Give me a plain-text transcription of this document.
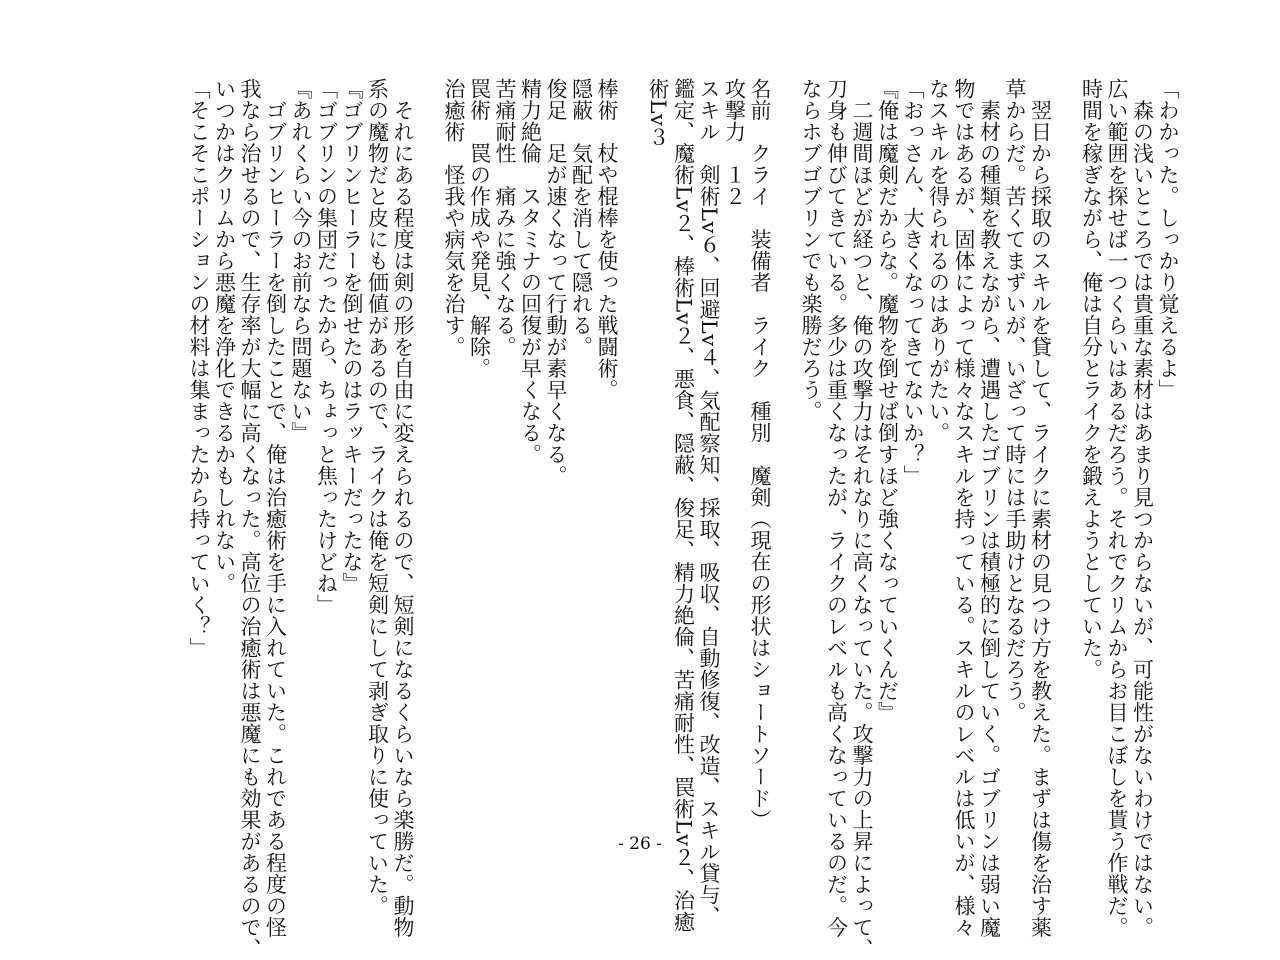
「わかった。しっかり覚えるよ」
　森の浅いところでは貴重な素材はあまり見つからないが、可能性がないわけではない。
広い範囲を探せば一つくらいはあるだろう。それでクリムからお目こぼしを貰う作戦だ。
時間を稼ぎながら、俺は自分とライクを鍛えようとしていた。
　翌日から採取のスキルを貸して、ライクに素材の見つけ方を教えた。まずは傷を治す薬
草からだ。苦くてまずいが、いざって時には手助けとなるだろう。
　素材の種類を教えながら、遭遇したゴブリンは積極的に倒していく。ゴブリンは弱い魔
物ではあるが、固体によって様々なスキルを持っている。スキルのレベルは低いが、様々
なスキルを得られるのはありがたい。
「おっさん、大きくなってきてないか？」
『俺は魔剣だからな。魔物を倒せば倒すほど強くなっていくんだ』
　二週間ほどが経つと、俺の攻撃力はそれなりに高くなっていた。攻撃力の上昇によって、
刀身も伸びてきている。多少は重くなったが、ライクのレベルも高くなっているのだ。今
ならホブゴブリンでも楽勝だろう。
名前　クライ　装備者　ライク　種別　魔剣（現在の形状はショートソード）
攻撃力　１２
スキル　剣術Lv６、回避Lv４、気配察知、採取、吸収、自動修復、改造、スキル貸与、
鑑定、魔術Lv２、棒術Lv２、悪食、隠蔽、俊足、精力絶倫、苦痛耐性、罠術Lv２、治癒
術Lv３
棒術　杖や棍棒を使った戦闘術。
隠蔽　気配を消して隠れる。
俊足　足が速くなって行動が素早くなる。
精力絶倫　スタミナの回復が早くなる。
苦痛耐性　痛みに強くなる。
罠術　罠の作成や発見、解除。
治癒術　怪我や病気を治す。
　それにある程度は剣の形を自由に変えられるので、短剣になるくらいなら楽勝だ。動物
系の魔物だと皮にも価値があるので、ライクは俺を短剣にして剥ぎ取りに使っていた。
『ゴブリンヒーラーを倒せたのはラッキーだったな』
「ゴブリンの集団だったから、ちょっと焦ったけどね」
『あれくらい今のお前なら問題ない』
　ゴブリンヒーラーを倒したことで、俺は治癒術を手に入れていた。これである程度の怪
我なら治せるので、生存率が大幅に高くなった。高位の治癒術は悪魔にも効果があるので、
いつかはクリムから悪魔を浄化できるかもしれない。
「そこそこポーションの材料は集まったから持っていく？」
- 26 -
